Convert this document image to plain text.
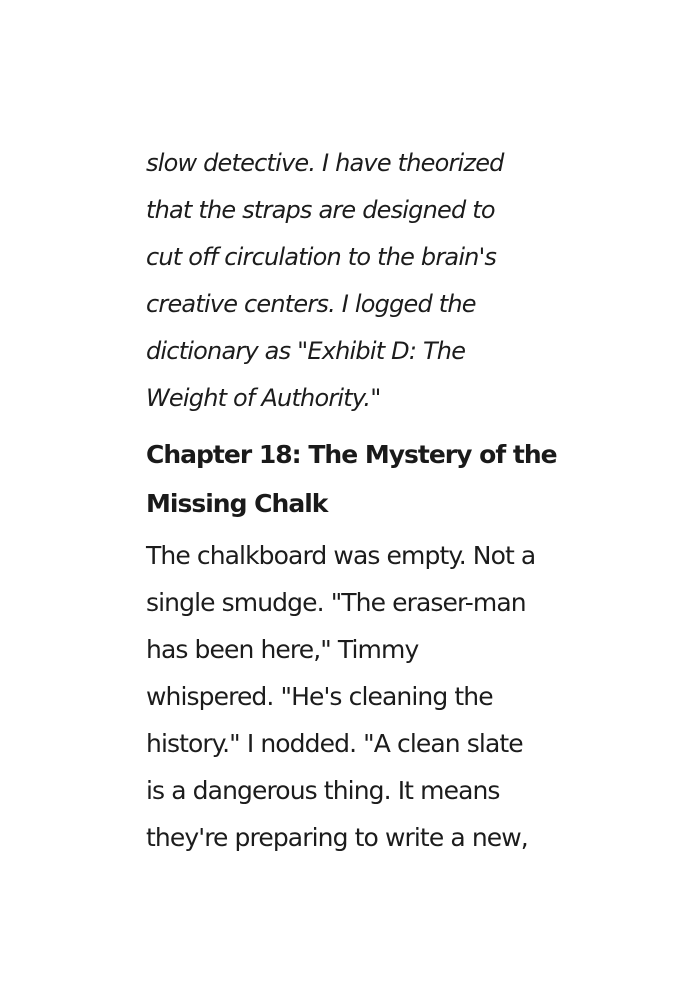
slow detective. I have theorized
that the straps are designed to
cut off circulation to the brain's
creative centers. I logged the
dictionary as "Exhibit D: The
Weight of Authority."

Chapter 18: The Mystery of the
Missing Chalk

The chalkboard was empty. Not a
single smudge. "The eraser-man
has been here," Timmy
whispered. "He's cleaning the
history." I nodded. "A clean slate
is a dangerous thing. It means
they're preparing to write a new,
